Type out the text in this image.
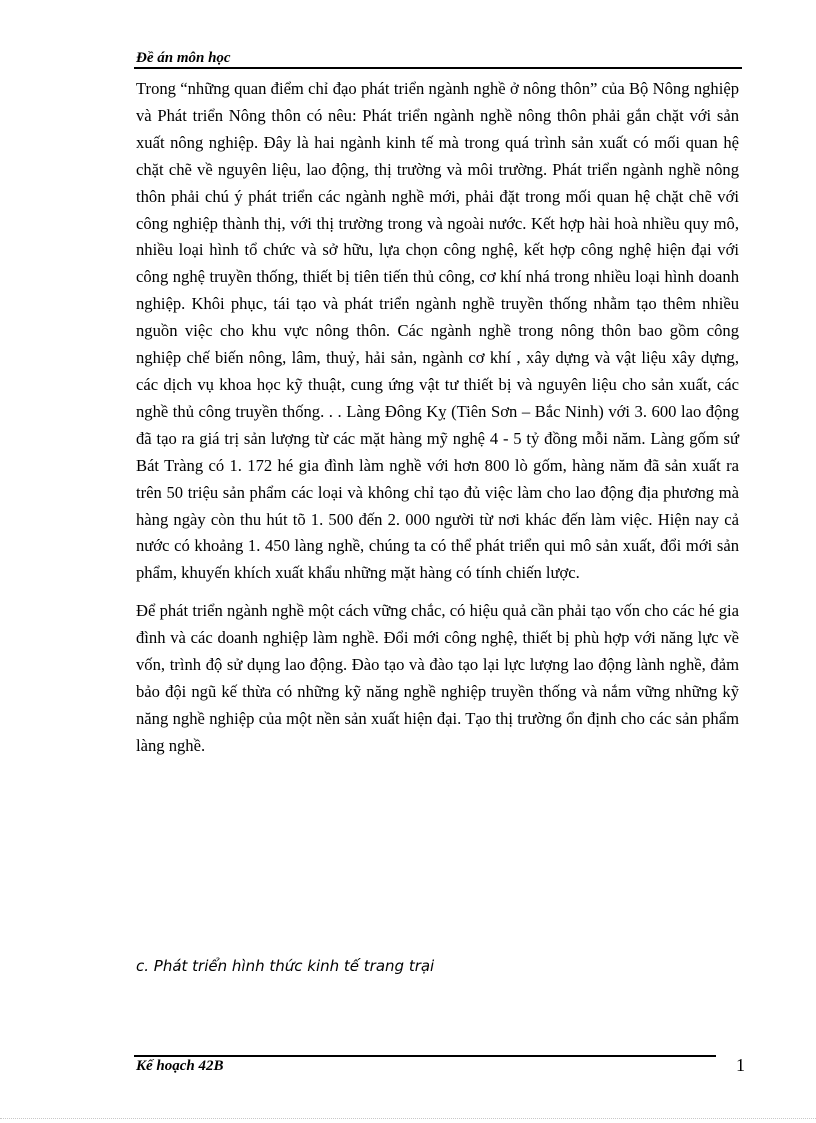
Đề án môn học

Trong “những quan điểm chỉ đạo phát triển ngành nghề ở nông thôn” của Bộ Nông nghiệp và Phát triển Nông thôn có nêu: Phát triển ngành nghề nông thôn phải gắn chặt với sản xuất nông nghiệp. Đây là hai ngành kinh tế mà trong quá trình sản xuất có mối quan hệ chặt chẽ về nguyên liệu, lao động, thị trường và môi trường. Phát triển ngành nghề nông thôn phải chú ý phát triển các ngành nghề mới, phải đặt trong mối quan hệ chặt chẽ với công nghiệp thành thị, với thị trường trong và ngoài nước. Kết hợp hài hoà nhiều quy mô, nhiều loại hình tổ chức và sở hữu, lựa chọn công nghệ, kết hợp công nghệ hiện đại với công nghệ truyền thống, thiết bị tiên tiến thủ công, cơ khí nhá trong nhiều loại hình doanh nghiệp. Khôi phục, tái tạo và phát triển ngành nghề truyền thống nhằm tạo thêm nhiều nguồn việc cho khu vực nông thôn. Các ngành nghề trong nông thôn bao gồm công nghiệp chế biến nông, lâm, thuỷ, hải sản, ngành cơ khí , xây dựng và vật liệu xây dựng, các dịch vụ khoa học kỹ thuật, cung ứng vật tư thiết bị và nguyên liệu cho sản xuất, các nghề thủ công truyền thống. . . Làng Đông Kỵ (Tiên Sơn – Bắc Ninh) với 3. 600 lao động đã tạo ra giá trị sản lượng từ các mặt hàng mỹ nghệ 4 - 5 tỷ đồng mỗi năm. Làng gốm sứ Bát Tràng có 1. 172 hé gia đình làm nghề với hơn 800 lò gốm, hàng năm đã sản xuất ra trên 50 triệu sản phẩm các loại và không chỉ tạo đủ việc làm cho lao động địa phương mà hàng ngày còn thu hút tõ 1. 500 đến 2. 000 người từ nơi khác đến làm việc. Hiện nay cả nước có khoảng 1. 450 làng nghề, chúng ta có thể phát triển qui mô sản xuất, đổi mới sản phẩm, khuyến khích xuất khẩu những mặt hàng có tính chiến lược.

Để phát triển ngành nghề một cách vững chắc, có hiệu quả cần phải tạo vốn cho các hé gia đình và các doanh nghiệp làm nghề. Đổi mới công nghệ, thiết bị phù hợp với năng lực về vốn, trình độ sử dụng lao động. Đào tạo và đào tạo lại lực lượng lao động lành nghề, đảm bảo đội ngũ kế thừa có những kỹ năng nghề nghiệp truyền thống và nắm vững những kỹ năng nghề nghiệp của một nền sản xuất hiện đại. Tạo thị trường ổn định cho các sản phẩm làng nghề.

c. Phát triển hình thức kinh tế trang trại
Kế hoạch 42B	1
